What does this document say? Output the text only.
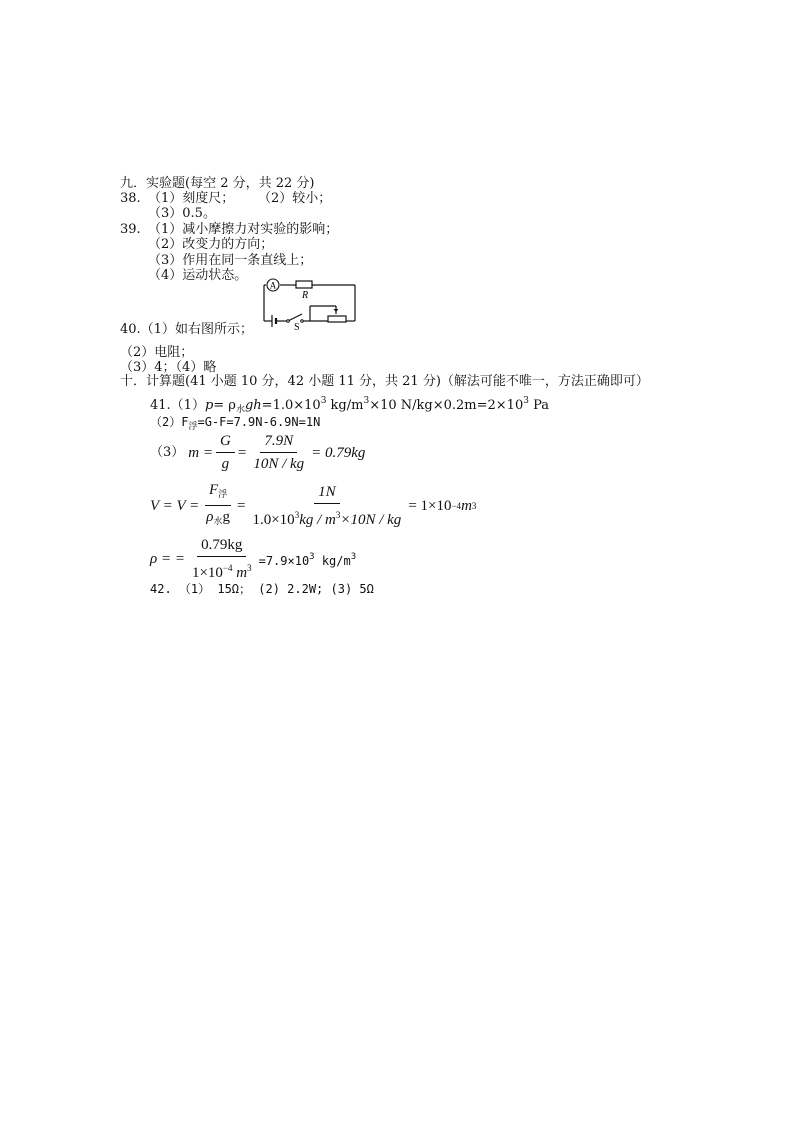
九．实验题(每空 2 分，共 22 分)
38. （1）刻度尺； （2）较小；
（3）0.5。
39. （1）减小摩擦力对实验的影响；
（2）改变力的方向；
（3）作用在同一条直线上；
（4）运动状态。
A
R
S
40.（1）如右图所示；
（2）电阻；
（3）4；（4）略
十．计算题(41 小题 10 分，42 小题 11 分，共 21 分)（解法可能不唯一，方法正确即可）
$41.(1)p= \rho_水gh=1.0\times 10^3$ $kg/m^3\times 10$ $N/kg\times 0.2m=2\times 10^3$ Pa
$(2)F_浮=G-F=7.9N-6.9N=1N$
（3） $m = \frac{G}{g} = \frac{7.9N}{10N / kg} = 0.79kg$
$V = V = \frac{F_浮}{\rho_水g} = \frac{1N}{1.0\times 10^3kg / m^3\times 10N / kg} = 1\times 10 -4$ m 3
ρ = = $\frac{0.79kg}{1\times 10^{-4} m^3} =7.9\times 10^3$ $kg/m^3$
42. （1） 15Ω； (2) 2.2W; (3) 5Ω
